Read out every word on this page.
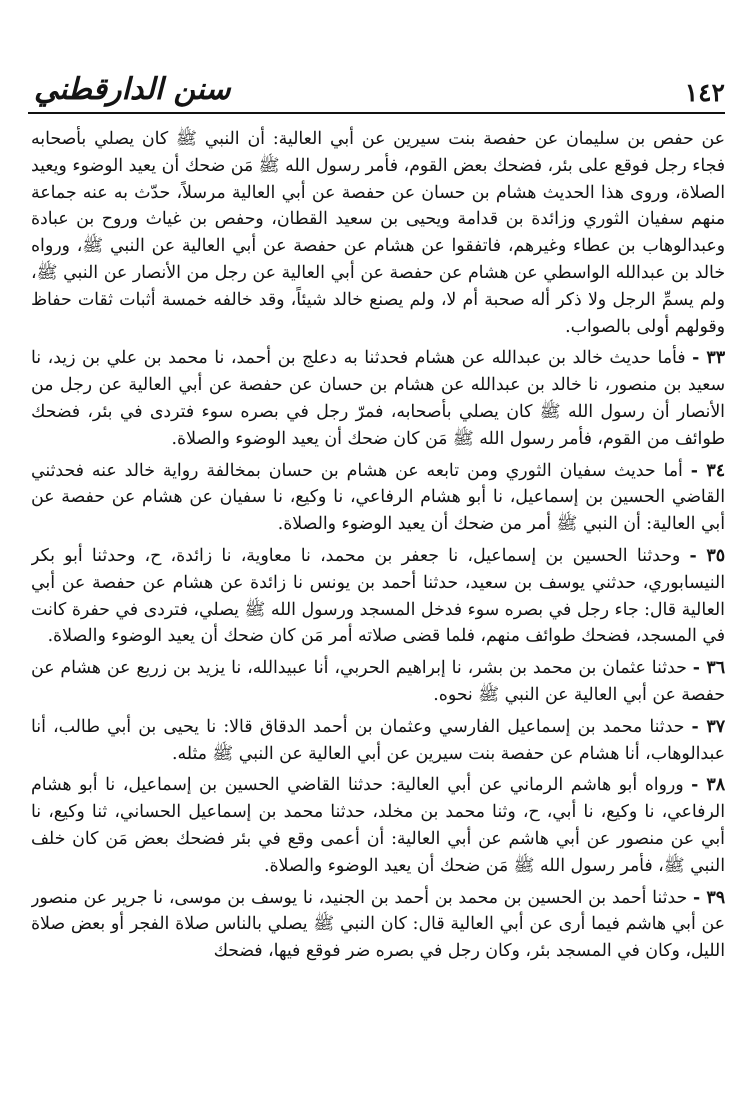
سنن الدارقطني	١٤٢

عن حفص بن سليمان عن حفصة بنت سيرين عن أبي العالية: أن النبي ﷺ كان يصلي بأصحابه فجاء رجل فوقع على بئر، فضحك بعض القوم، فأمر رسول الله ﷺ مَن ضحك أن يعيد الوضوء ويعيد الصلاة، وروى هذا الحديث هشام بن حسان عن حفصة عن أبي العالية مرسلاً، حدّث به عنه جماعة منهم سفيان الثوري وزائدة بن قدامة ويحيى بن سعيد القطان، وحفص بن غياث وروح بن عبادة وعبدالوهاب بن عطاء وغيرهم، فاتفقوا عن هشام عن حفصة عن أبي العالية عن النبي ﷺ، ورواه خالد بن عبدالله الواسطي عن هشام عن حفصة عن أبي العالية عن رجل من الأنصار عن النبي ﷺ، ولم يسمِّ الرجل ولا ذكر أله صحبة أم لا، ولم يصنع خالد شيئاً، وقد خالفه خمسة أثبات ثقات حفاظ وقولهم أولى بالصواب.

٣٣ - فأما حديث خالد بن عبدالله عن هشام فحدثنا به دعلج بن أحمد، نا محمد بن علي بن زيد، نا سعيد بن منصور، نا خالد بن عبدالله عن هشام بن حسان عن حفصة عن أبي العالية عن رجل من الأنصار أن رسول الله ﷺ كان يصلي بأصحابه، فمرّ رجل في بصره سوء فتردى في بئر، فضحك طوائف من القوم، فأمر رسول الله ﷺ مَن كان ضحك أن يعيد الوضوء والصلاة.

٣٤ - أما حديث سفيان الثوري ومن تابعه عن هشام بن حسان بمخالفة رواية خالد عنه فحدثني القاضي الحسين بن إسماعيل، نا أبو هشام الرفاعي، نا وكيع، نا سفيان عن هشام عن حفصة عن أبي العالية: أن النبي ﷺ أمر من ضحك أن يعيد الوضوء والصلاة.

٣٥ - وحدثنا الحسين بن إسماعيل، نا جعفر بن محمد، نا معاوية، نا زائدة، ح، وحدثنا أبو بكر النيسابوري، حدثني يوسف بن سعيد، حدثنا أحمد بن يونس نا زائدة عن هشام عن حفصة عن أبي العالية قال: جاء رجل في بصره سوء فدخل المسجد ورسول الله ﷺ يصلي، فتردى في حفرة كانت في المسجد، فضحك طوائف منهم، فلما قضى صلاته أمر مَن كان ضحك أن يعيد الوضوء والصلاة.

٣٦ - حدثنا عثمان بن محمد بن بشر، نا إبراهيم الحربي، أنا عبيدالله، نا يزيد بن زريع عن هشام عن حفصة عن أبي العالية عن النبي ﷺ نحوه.

٣٧ - حدثنا محمد بن إسماعيل الفارسي وعثمان بن أحمد الدقاق قالا: نا يحيى بن أبي طالب، أنا عبدالوهاب، أنا هشام عن حفصة بنت سيرين عن أبي العالية عن النبي ﷺ مثله.

٣٨ - ورواه أبو هاشم الرماني عن أبي العالية: حدثنا القاضي الحسين بن إسماعيل، نا أبو هشام الرفاعي، نا وكيع، نا أبي، ح، وثنا محمد بن مخلد، حدثنا محمد بن إسماعيل الحساني، ثنا وكيع، نا أبي عن منصور عن أبي هاشم عن أبي العالية: أن أعمى وقع في بئر فضحك بعض مَن كان خلف النبي ﷺ، فأمر رسول الله ﷺ مَن ضحك أن يعيد الوضوء والصلاة.

٣٩ - حدثنا أحمد بن الحسين بن محمد بن أحمد بن الجنيد، نا يوسف بن موسى، نا جرير عن منصور عن أبي هاشم فيما أرى عن أبي العالية قال: كان النبي ﷺ يصلي بالناس صلاة الفجر أو بعض صلاة الليل، وكان في المسجد بئر، وكان رجل في بصره ضر فوقع فيها، فضحك
